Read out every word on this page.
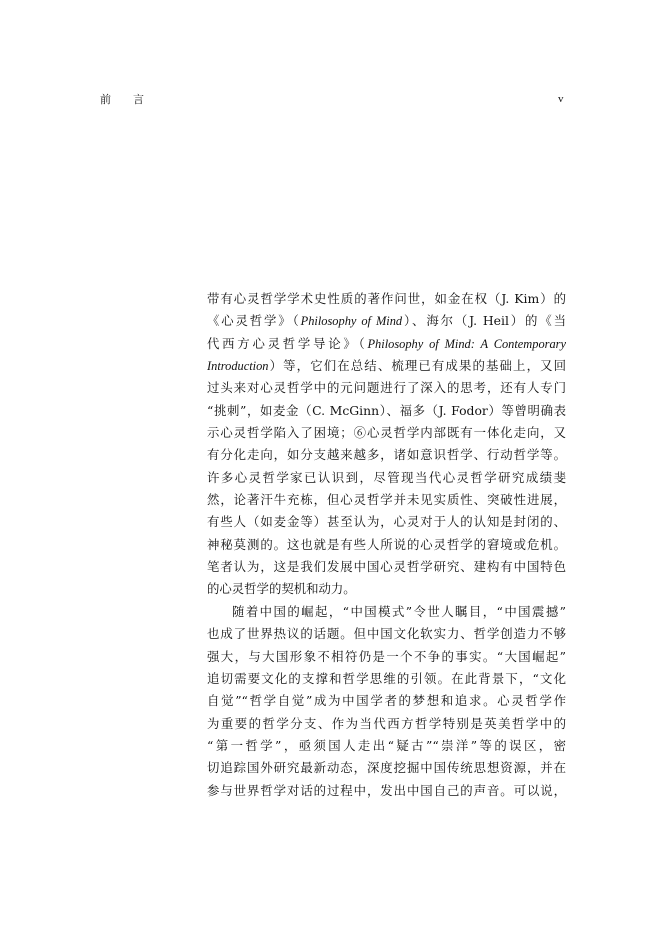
前　　言	v
带有心灵哲学学术史性质的著作问世，如金在权（J. Kim）的
《心灵哲学》（Philosophy of Mind）、海尔（J. Heil）的《当
代西方心灵哲学导论》（Philosophy of Mind: A Contemporary
Introduction）等，它们在总结、梳理已有成果的基础上，又回
过头来对心灵哲学中的元问题进行了深入的思考，还有人专门
“挑刺”，如麦金（C. McGinn）、福多（J. Fodor）等曾明确表
示心灵哲学陷入了困境；⑥心灵哲学内部既有一体化走向，又
有分化走向，如分支越来越多，诸如意识哲学、行动哲学等。
许多心灵哲学家已认识到，尽管现当代心灵哲学研究成绩斐
然，论著汗牛充栋，但心灵哲学并未见实质性、突破性进展，
有些人（如麦金等）甚至认为，心灵对于人的认知是封闭的、
神秘莫测的。这也就是有些人所说的心灵哲学的窘境或危机。
笔者认为，这是我们发展中国心灵哲学研究、建构有中国特色
的心灵哲学的契机和动力。
随着中国的崛起，“中国模式”令世人瞩目，“中国震撼”
也成了世界热议的话题。但中国文化软实力、哲学创造力不够
强大，与大国形象不相符仍是一个不争的事实。“大国崛起”
追切需要文化的支撑和哲学思维的引领。在此背景下，“文化
自觉”“哲学自觉”成为中国学者的梦想和追求。心灵哲学作
为重要的哲学分支、作为当代西方哲学特别是英美哲学中的
“第一哲学”，亟须国人走出“疑古”“崇洋”等的误区，密
切追踪国外研究最新动态，深度挖掘中国传统思想资源，并在
参与世界哲学对话的过程中，发出中国自己的声音。可以说，
